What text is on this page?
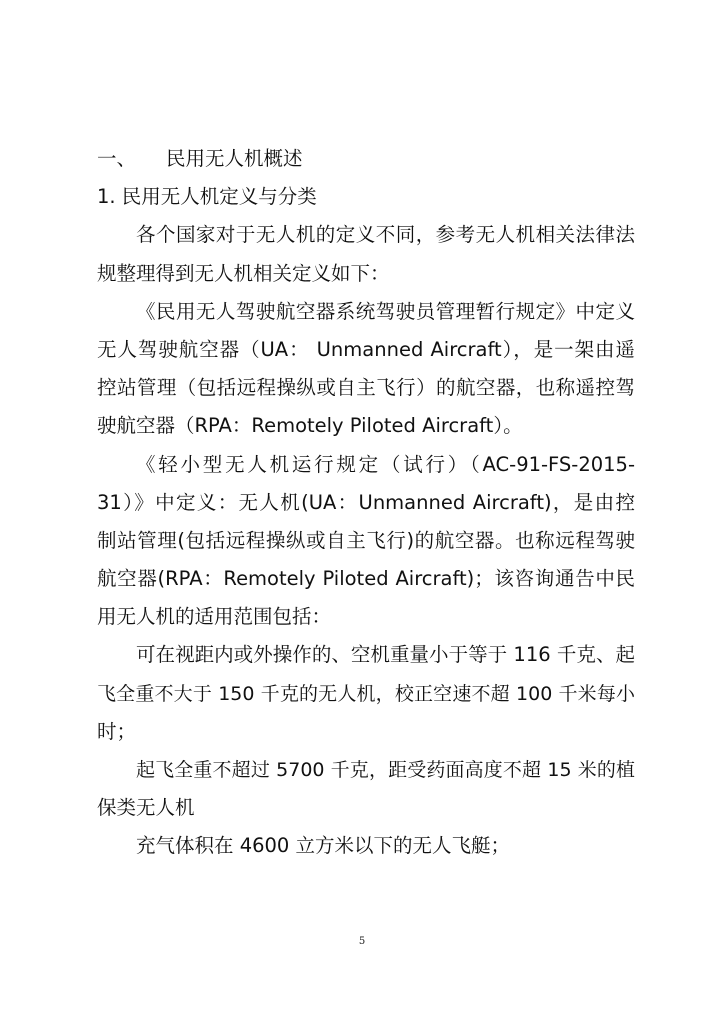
一、 民用无人机概述
1. 民用无人机定义与分类
各个国家对于无人机的定义不同，参考无人机相关法律法
规整理得到无人机相关定义如下：
《民用无人驾驶航空器系统驾驶员管理暂行规定》中定义
无人驾驶航空器（UA： Unmanned Aircraft），是一架由遥
控站管理（包括远程操纵或自主飞行）的航空器，也称遥控驾
驶航空器（RPA：Remotely Piloted Aircraft）。
《轻小型无人机运行规定（试行）（AC-91-FS-2015-
31）》中定义：无人机(UA：Unmanned Aircraft)，是由控
制站管理(包括远程操纵或自主飞行)的航空器。也称远程驾驶
航空器(RPA：Remotely Piloted Aircraft)；该咨询通告中民
用无人机的适用范围包括：
可在视距内或外操作的、空机重量小于等于 116 千克、起
飞全重不大于 150 千克的无人机，校正空速不超 100 千米每小
时；
起飞全重不超过 5700 千克，距受药面高度不超 15 米的植
保类无人机
充气体积在 4600 立方米以下的无人飞艇；
5
